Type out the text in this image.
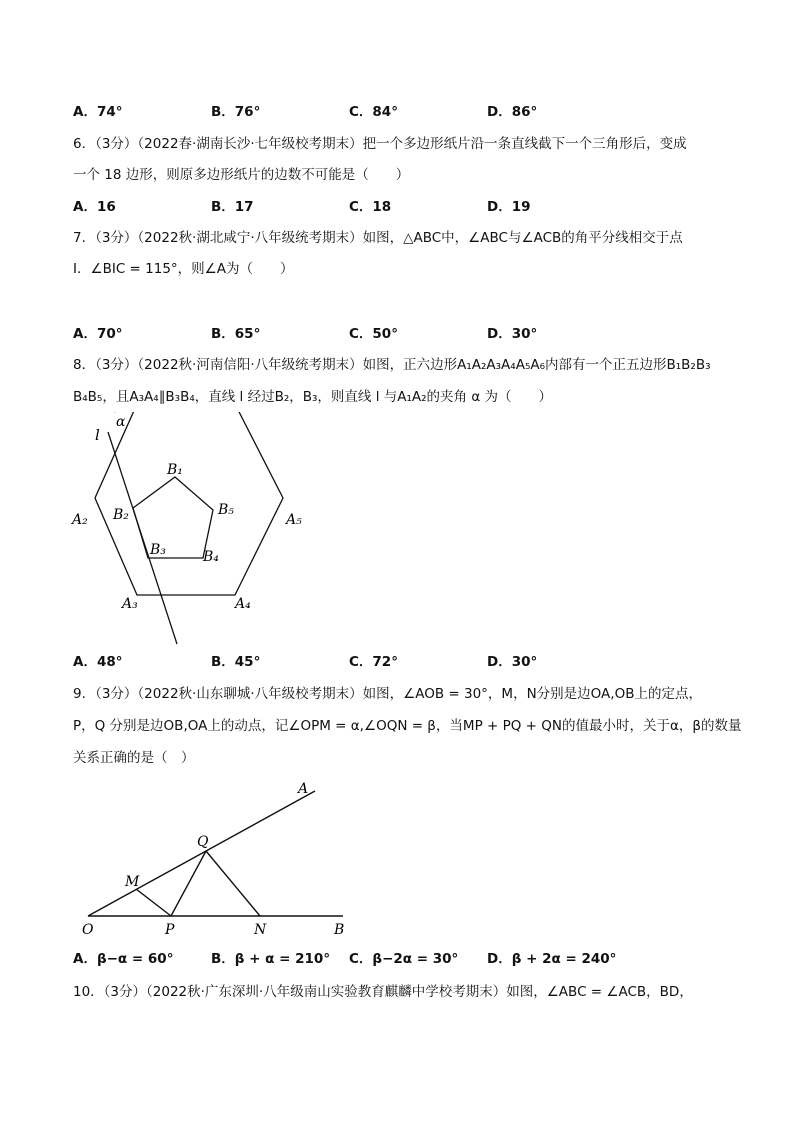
A．74°	B．76°	C．84°	D．86°
6．（3分）（2022春·湖南长沙·七年级校考期末）把一个多边形纸片沿一条直线截下一个三角形后，变成
一个 18 边形，则原多边形纸片的边数不可能是（　　）
A．16	B．17	C．18	D．19
7．（3分）（2022秋·湖北咸宁·八年级统考期末）如图，△ABC中，∠ABC与∠ACB的角平分线相交于点
I．∠BIC = 115°，则∠A为（　　）
A．70°	B．65°	C．50°	D．30°
8．（3分）（2022秋·河南信阳·八年级统考期末）如图，正六边形A₁A₂A₃A₄A₅A₆内部有一个正五边形B₁B₂B₃
B₄B₅，且A₃A₄∥B₃B₄，直线 l 经过B₂，B₃，则直线 l 与A₁A₂的夹角 α 为（　　）
l
α
A₂	A₅
A₃	A₄
B₁
B₂	B₅
B₃	B₄
A．48°	B．45°	C．72°	D．30°
9．（3分）（2022秋·山东聊城·八年级校考期末）如图，∠AOB = 30°，M，N分别是边OA,OB上的定点，
P，Q 分别是边OB,OA上的动点，记∠OPM = α,∠OQN = β，当MP + PQ + QN的值最小时，关于α，β的数量
关系正确的是（　）
A
B
O
M
P
Q
N
A．β−α = 60°	B．β + α = 210° C．β−2α = 30° D．β + 2α = 240°
10．（3分）（2022秋·广东深圳·八年级南山实验教育麒麟中学校考期末）如图，∠ABC = ∠ACB，BD，
